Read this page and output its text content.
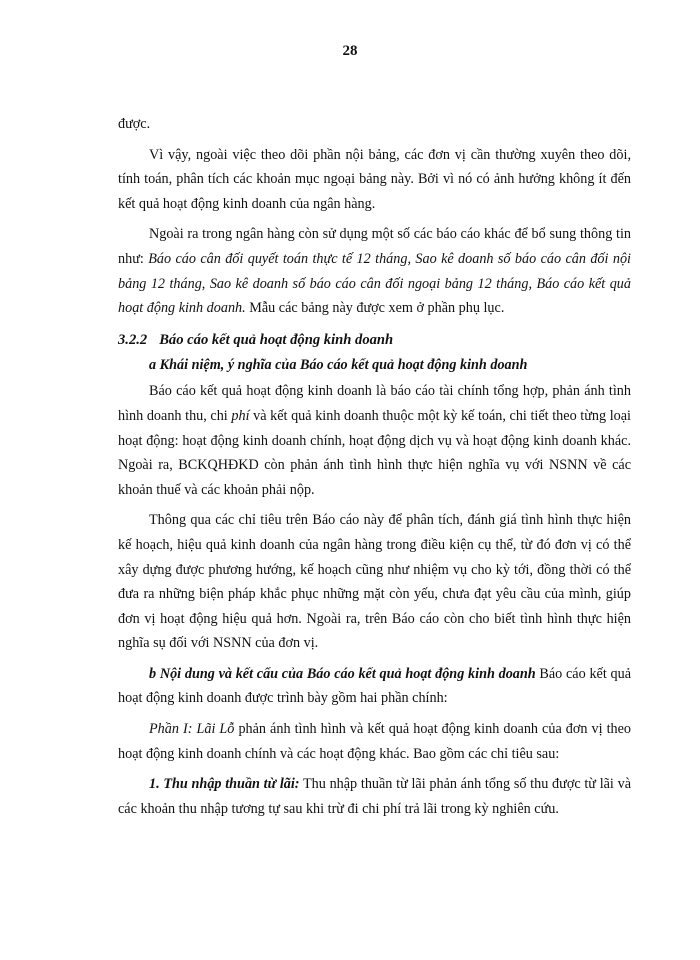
28

được.

Vì vậy, ngoài việc theo dõi phần nội bảng, các đơn vị cần thường xuyên theo dõi, tính toán, phân tích các khoản mục ngoại bảng này. Bởi vì nó có ảnh hưởng không ít đến kết quả hoạt động kinh doanh của ngân hàng.

Ngoài ra trong ngân hàng còn sử dụng một số các báo cáo khác để bổ sung thông tin như: Báo cáo cân đối quyết toán thực tế 12 tháng, Sao kê doanh số báo cáo cân đối nội bảng 12 tháng, Sao kê doanh số báo cáo cân đối ngoại bảng 12 tháng, Báo cáo kết quả hoạt động kinh doanh. Mẫu các bảng này được xem ở phần phụ lục.

3.2.2 Báo cáo kết quả hoạt động kinh doanh

a Khái niệm, ý nghĩa của Báo cáo kết quả hoạt động kinh doanh

Báo cáo kết quả hoạt động kinh doanh là báo cáo tài chính tổng hợp, phản ánh tình hình doanh thu, chi phí và kết quả kinh doanh thuộc một kỳ kế toán, chi tiết theo từng loại hoạt động: hoạt động kinh doanh chính, hoạt động dịch vụ và hoạt động kinh doanh khác. Ngoài ra, BCKQHĐKD còn phản ánh tình hình thực hiện nghĩa vụ với NSNN về các khoản thuế và các khoản phải nộp.

Thông qua các chỉ tiêu trên Báo cáo này để phân tích, đánh giá tình hình thực hiện kế hoạch, hiệu quả kinh doanh của ngân hàng trong điều kiện cụ thể, từ đó đơn vị có thể xây dựng được phương hướng, kế hoạch cũng như nhiệm vụ cho kỳ tới, đồng thời có thể đưa ra những biện pháp khắc phục những mặt còn yếu, chưa đạt yêu cầu của mình, giúp đơn vị hoạt động hiệu quả hơn. Ngoài ra, trên Báo cáo còn cho biết tình hình thực hiện nghĩa sụ đối với NSNN của đơn vị.

b Nội dung và kết cấu của Báo cáo kết quả hoạt động kinh doanh Báo cáo kết quả hoạt động kinh doanh được trình bày gồm hai phần chính:

Phần I: Lãi Lỗ phản ánh tình hình và kết quả hoạt động kinh doanh của đơn vị theo hoạt động kinh doanh chính và các hoạt động khác. Bao gồm các chỉ tiêu sau:

1. Thu nhập thuần từ lãi: Thu nhập thuần từ lãi phản ánh tổng số thu được từ lãi và các khoản thu nhập tương tự sau khi trừ đi chi phí trả lãi trong kỳ nghiên cứu.
